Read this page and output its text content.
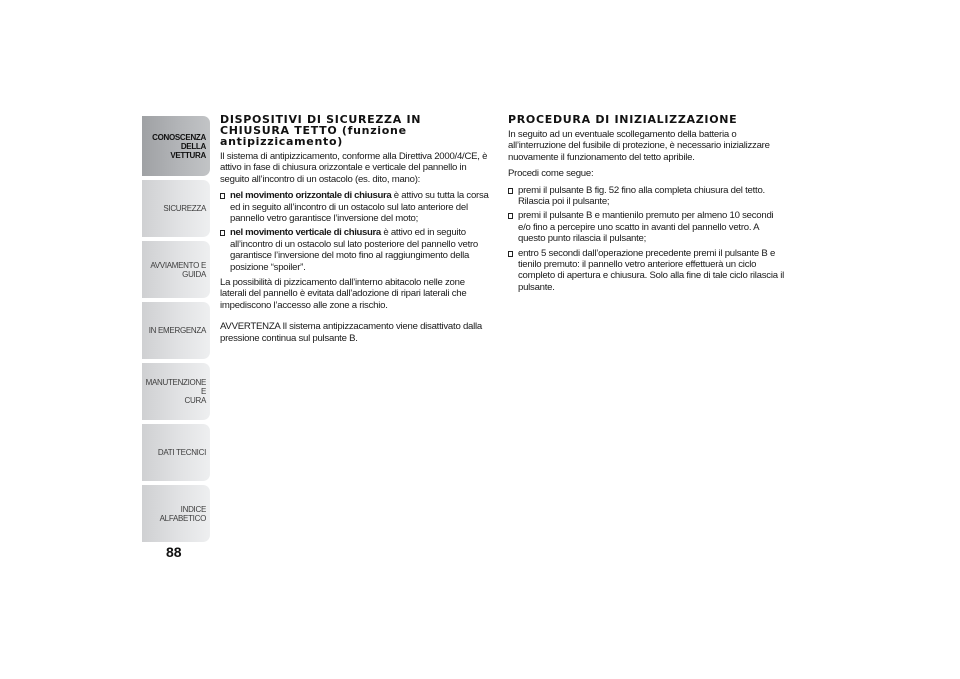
CONOSCENZA
DELLA VETTURA
SICUREZZA
AVVIAMENTO E
GUIDA
IN EMERGENZA
MANUTENZIONE E
CURA
DATI TECNICI
INDICE ALFABETICO
88
DISPOSITIVI DI SICUREZZA IN CHIUSURA TETTO (funzione antipizzicamento)

Il sistema di antipizzicamento, conforme alla Direttiva 2000/4/CE, è attivo in fase di chiusura orizzontale e verticale del pannello in seguito all’incontro di un ostacolo (es. dito, mano):

nel movimento orizzontale di chiusura è attivo su tutta la corsa ed in seguito all’incontro di un ostacolo sul lato anteriore del pannello vetro garantisce l’inversione del moto;
nel movimento verticale di chiusura è attivo ed in seguito all’incontro di un ostacolo sul lato posteriore del pannello vetro garantisce l’inversione del moto fino al raggiungimento della posizione “spoiler”.

La possibilità di pizzicamento dall’interno abitacolo nelle zone laterali del pannello è evitata dall’adozione di ripari laterali che impediscono l’accesso alle zone a rischio.

AVVERTENZA Il sistema antipizzacamento viene disattivato dalla pressione continua sul pulsante B.

PROCEDURA DI INIZIALIZZAZIONE

In seguito ad un eventuale scollegamento della batteria o all’interruzione del fusibile di protezione, è necessario inizializzare nuovamente il funzionamento del tetto apribile.

Procedi come segue:

premi il pulsante B fig. 52 fino alla completa chiusura del tetto. Rilascia poi il pulsante;
premi il pulsante B e mantienilo premuto per almeno 10 secondi e/o fino a percepire uno scatto in avanti del pannello vetro. A questo punto rilascia il pulsante;
entro 5 secondi dall’operazione precedente premi il pulsante B e tienilo premuto: il pannello vetro anteriore effettuerà un ciclo completo di apertura e chiusura. Solo alla fine di tale ciclo rilascia il pulsante.
